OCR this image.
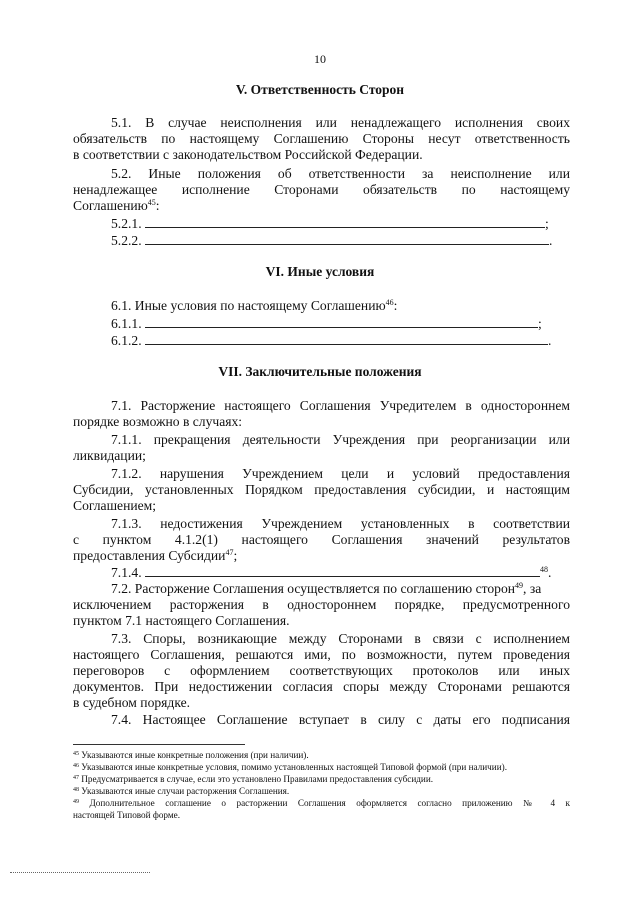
10
V. Ответственность Сторон
5.1. В случае неисполнения или ненадлежащего исполнения своих
обязательств по настоящему Соглашению Стороны несут ответственность
в соответствии с законодательством Российской Федерации.
5.2. Иные положения об ответственности за неисполнение или
ненадлежащее исполнение Сторонами обязательств по настоящему
Соглашению$^{45}$:
5.2.1.	;
5.2.2.	.
VI. Иные условия
6.1. Иные условия по настоящему Соглашению$^{46}$:
6.1.1.	;
6.1.2.	.
VII. Заключительные положения
7.1. Расторжение настоящего Соглашения Учредителем в одностороннем
порядке возможно в случаях:
7.1.1. прекращения деятельности Учреждения при реорганизации или
ликвидации;
7.1.2. нарушения Учреждением цели и условий предоставления
Субсидии, установленных Порядком предоставления субсидии, и настоящим
Соглашением;
7.1.3. недостижения Учреждением установленных в соответствии
с пунктом 4.1.2(1) настоящего Соглашения значений результатов
предоставления Субсидии$^{47}$;
7.1.4.	$^{48}$.
7.2. Расторжение Соглашения осуществляется по соглашению сторон$^{49}$, за
исключением расторжения в одностороннем порядке, предусмотренного
пунктом 7.1 настоящего Соглашения.
7.3. Споры, возникающие между Сторонами в связи с исполнением
настоящего Соглашения, решаются ими, по возможности, путем проведения
переговоров с оформлением соответствующих протоколов или иных
документов. При недостижении согласия споры между Сторонами решаются
в судебном порядке.
7.4. Настоящее Соглашение вступает в силу с даты его подписания
$^{45}$ Указываются иные конкретные положения (при наличии).
$^{46}$ Указываются иные конкретные условия, помимо установленных настоящей Типовой формой (при наличии).
$^{47}$ Предусматривается в случае, если это установлено Правилами предоставления субсидии.
$^{48}$ Указываются иные случаи расторжения Соглашения.
$^{49}$ Дополнительное соглашение о расторжении Соглашения оформляется согласно приложению № 4 к
настоящей Типовой форме.
